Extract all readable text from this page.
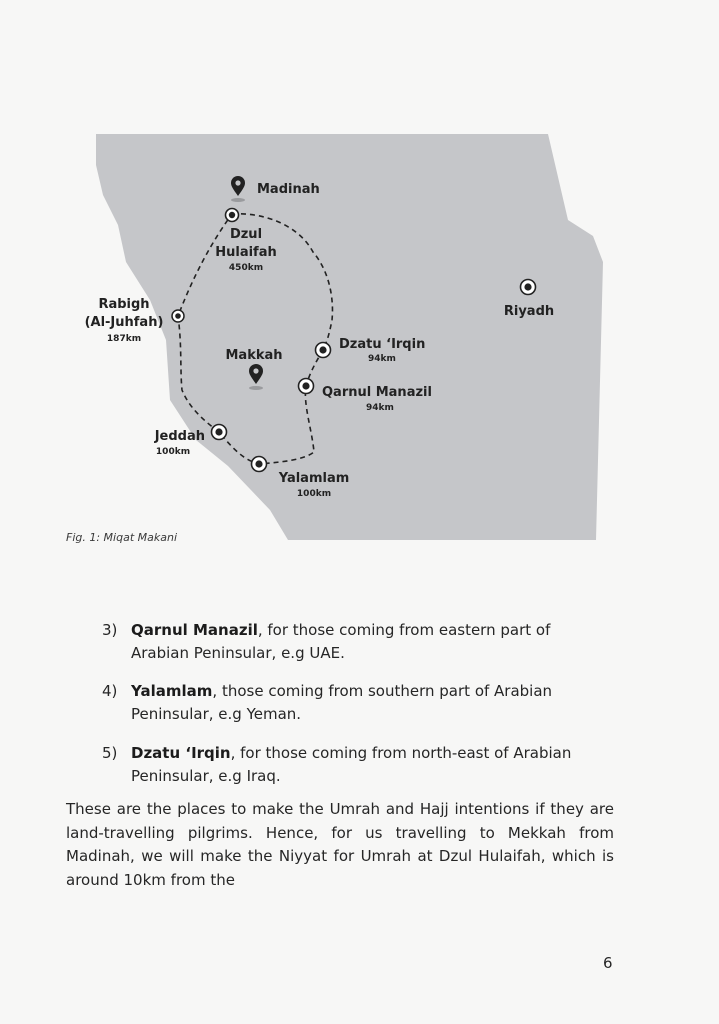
Madinah
Dzul
Hulaifah
450km
Rabigh
(Al-Juhfah)
187km
Riyadh
Makkah
Dzatu ‘Irqin
94km
Qarnul Manazil
94km
Jeddah
100km
Yalamlam
100km
Fig. 1: Miqat Makani
3) Qarnul Manazil, for those coming from eastern part of Arabian Peninsular, e.g UAE.
4) Yalamlam, those coming from southern part of Arabian Peninsular, e.g Yeman.
5) Dzatu ‘Irqin, for those coming from north-east of Arabian Peninsular, e.g Iraq.
These are the places to make the Umrah and Hajj intentions if they are land-travelling pilgrims. Hence, for us travelling to Mekkah from Madinah, we will make the Niyyat for Umrah at Dzul Hulaifah, which is around 10km from the
6
